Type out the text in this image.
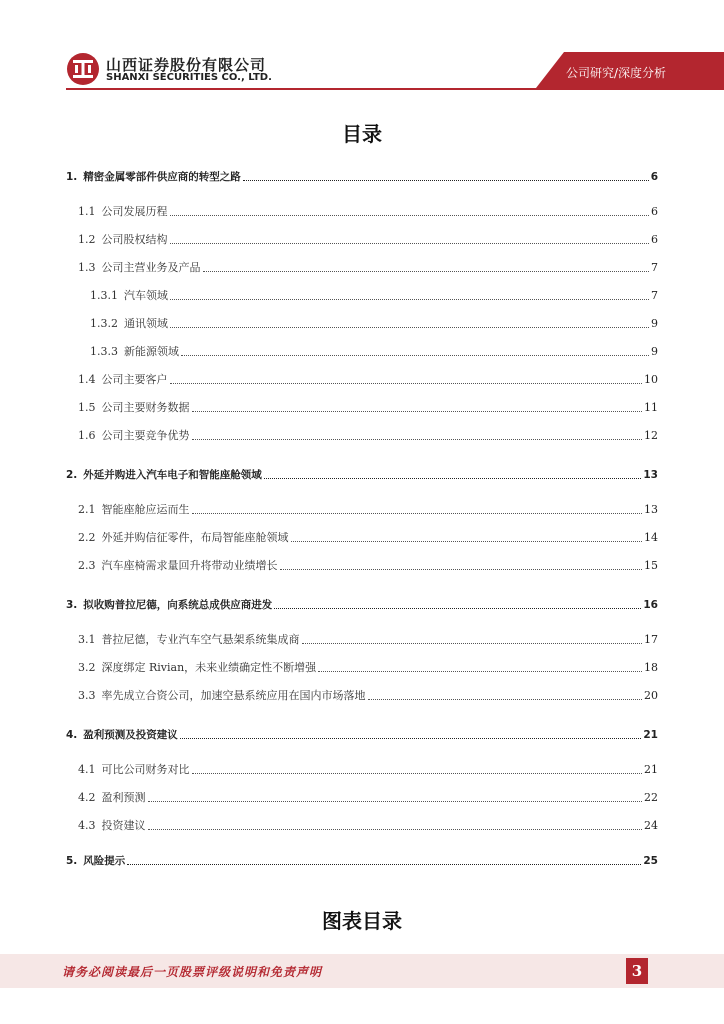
山西证券股份有限公司
SHANXI SECURITIES CO., LTD.	公司研究/深度分析
目录
1. 精密金属零部件供应商的转型之路	6
1.1 公司发展历程	6
1.2 公司股权结构	6
1.3 公司主营业务及产品	7
1.3.1 汽车领域	7
1.3.2 通讯领域	9
1.3.3 新能源领域	9
1.4 公司主要客户	10
1.5 公司主要财务数据	11
1.6 公司主要竞争优势	12
2. 外延并购进入汽车电子和智能座舱领域	13
2.1 智能座舱应运而生	13
2.2 外延并购信征零件，布局智能座舱领域	14
2.3 汽车座椅需求量回升将带动业绩增长	15
3. 拟收购普拉尼德，向系统总成供应商进发	16
3.1 普拉尼德，专业汽车空气悬架系统集成商	17
3.2 深度绑定 Rivian，未来业绩确定性不断增强	18
3.3 率先成立合资公司，加速空悬系统应用在国内市场落地	20
4. 盈利预测及投资建议	21
4.1 可比公司财务对比	21
4.2 盈利预测	22
4.3 投资建议	24
5. 风险提示	25
图表目录
请务必阅读最后一页股票评级说明和免责声明	3
